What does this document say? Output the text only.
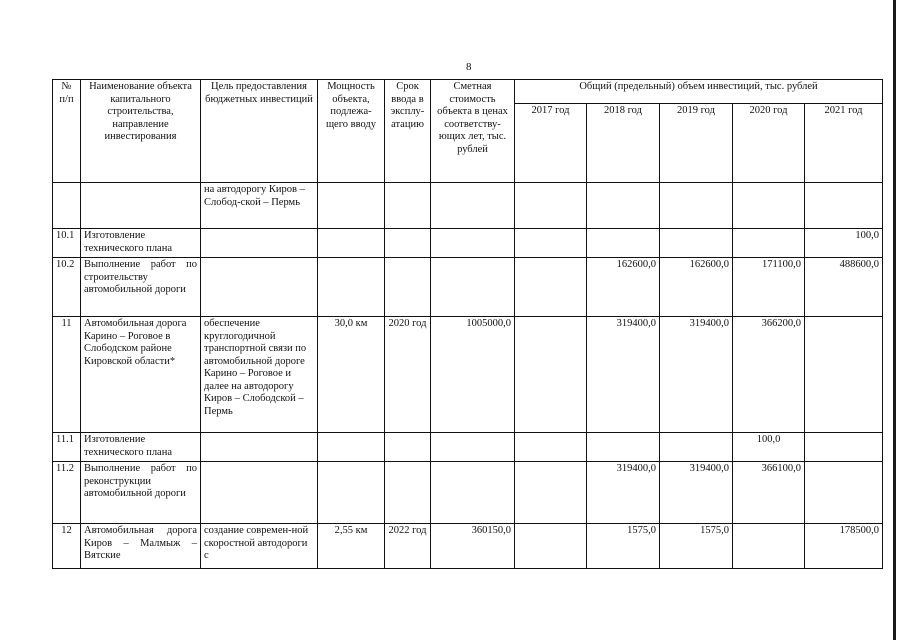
8
№ п/п	Наименование объекта капитального строительства, направление инвестирования	Цель предоставления бюджетных инвестиций	Мощность объекта, подлежа-щего вводу	Срок ввода в эксплу-атацию	Сметная стоимость объекта в ценах соответству-ющих лет, тыс. рублей	Общий (предельный) объем инвестиций, тыс. рублей				
						2017 год	2018 год	2019 год	2020 год	2021 год
		на автодорогу Киров – Слобод-ской – Пермь								
10.1	Изготовление технического плана									100,0
10.2	Выполнение работ по строительству автомобильной дороги						162600,0	162600,0	171100,0	488600,0
11	Автомобильная дорога Карино – Роговое в Слободском районе Кировской области*	обеспечение круглогодичной транспортной связи по автомобильной дороге Карино – Роговое и далее на автодорогу Киров – Слободской – Пермь	30,0 км	2020 год	1005000,0		319400,0	319400,0	366200,0	
11.1	Изготовление технического плана								100,0	
11.2	Выполнение работ по реконструкции автомобильной дороги						319400,0	319400,0	366100,0	
12	Автомобильная дорога Киров – Малмыж – Вятские	создание современ-ной скоростной автодороги с	2,55 км	2022 год	360150,0		1575,0	1575,0		178500,0
